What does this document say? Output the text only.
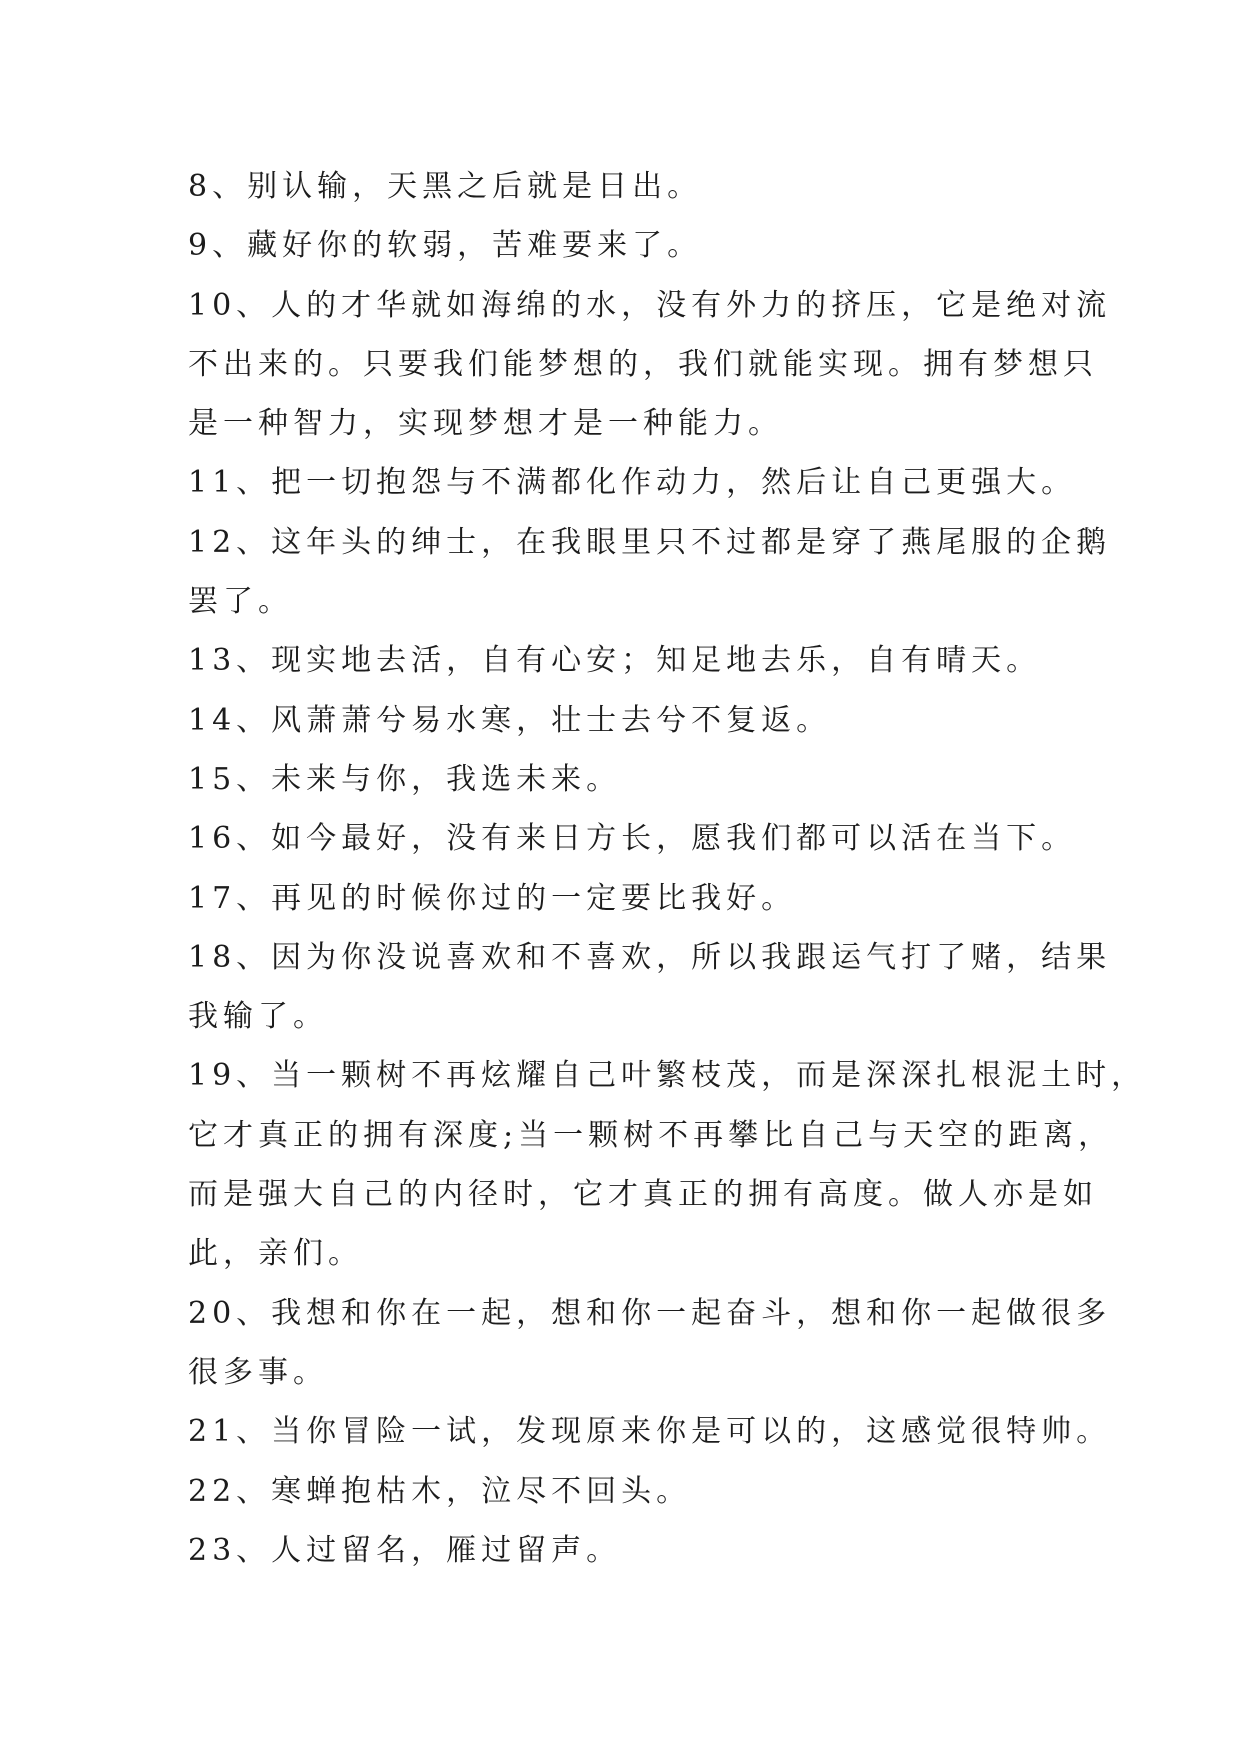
8、别认输，天黑之后就是日出。
9、藏好你的软弱，苦难要来了。
10、人的才华就如海绵的水，没有外力的挤压，它是绝对流
不出来的。只要我们能梦想的，我们就能实现。拥有梦想只
是一种智力，实现梦想才是一种能力。
11、把一切抱怨与不满都化作动力，然后让自己更强大。
12、这年头的绅士，在我眼里只不过都是穿了燕尾服的企鹅
罢了。
13、现实地去活，自有心安；知足地去乐，自有晴天。
14、风萧萧兮易水寒，壮士去兮不复返。
15、未来与你，我选未来。
16、如今最好，没有来日方长，愿我们都可以活在当下。
17、再见的时候你过的一定要比我好。
18、因为你没说喜欢和不喜欢，所以我跟运气打了赌，结果
我输了。
19、当一颗树不再炫耀自己叶繁枝茂，而是深深扎根泥土时，
它才真正的拥有深度;当一颗树不再攀比自己与天空的距离，
而是强大自己的内径时，它才真正的拥有高度。做人亦是如
此，亲们。
20、我想和你在一起，想和你一起奋斗，想和你一起做很多
很多事。
21、当你冒险一试，发现原来你是可以的，这感觉很特帅。
22、寒蝉抱枯木，泣尽不回头。
23、人过留名，雁过留声。
